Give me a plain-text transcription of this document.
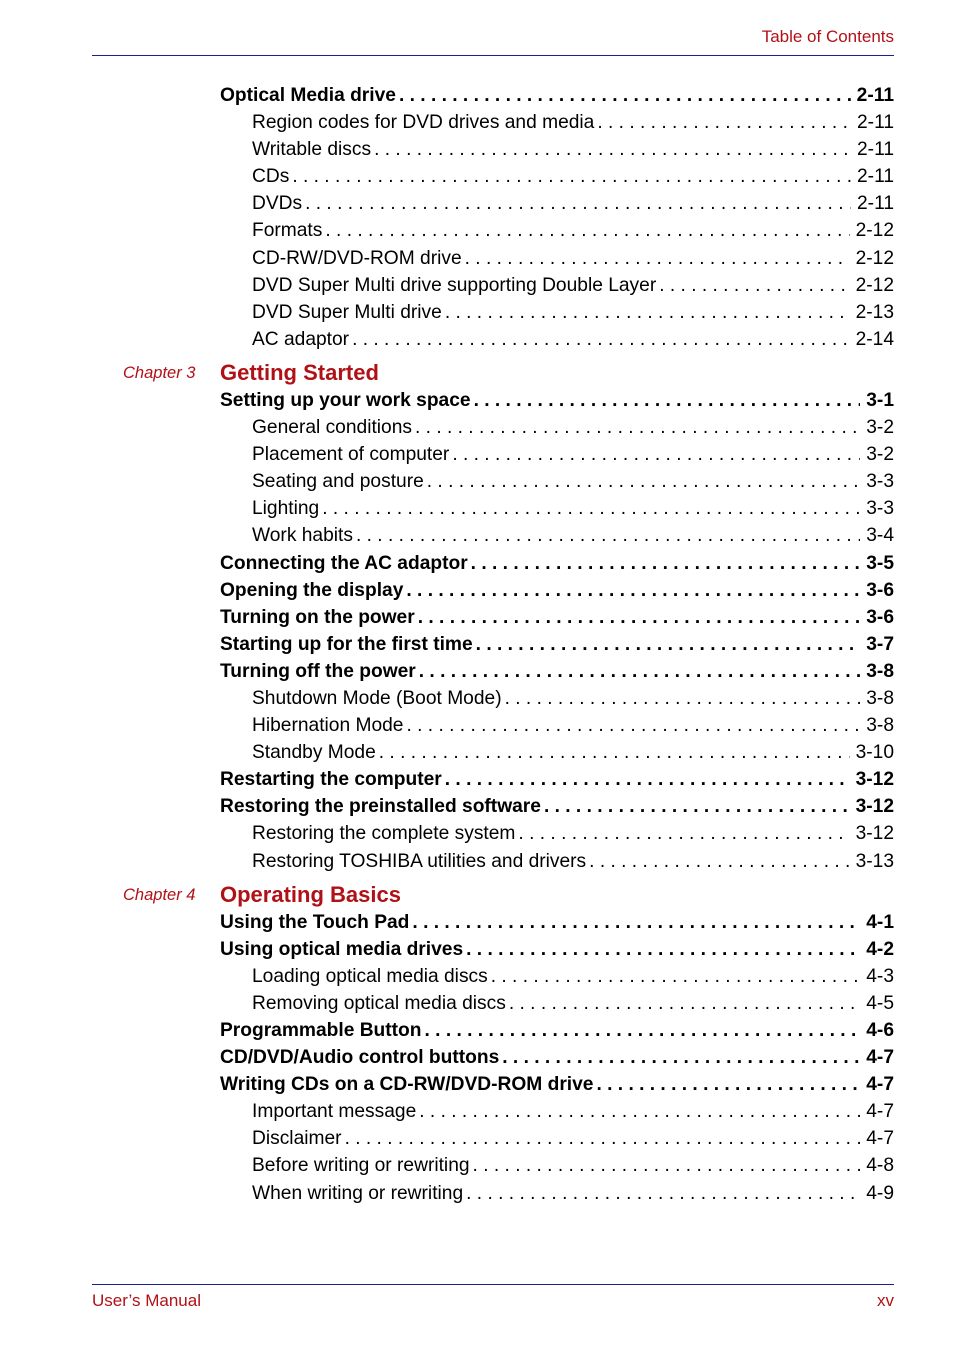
Table of Contents
Optical Media drive . . .	2-11
Region codes for DVD drives and media . . .	2-11
Writable discs . . .	2-11
CDs . . .	2-11
DVDs . . .	2-11
Formats . . .	2-12
CD-RW/DVD-ROM drive . . .	2-12
DVD Super Multi drive supporting Double Layer . . .	2-12
DVD Super Multi drive . . .	2-13
AC adaptor . . .	2-14
Chapter 3 Getting Started
Setting up your work space . . .	3-1
General conditions . . .	3-2
Placement of computer . . .	3-2
Seating and posture . . .	3-3
Lighting . . .	3-3
Work habits . . .	3-4
Connecting the AC adaptor . . .	3-5
Opening the display . . .	3-6
Turning on the power . . .	3-6
Starting up for the first time . . .	3-7
Turning off the power . . .	3-8
Shutdown Mode (Boot Mode) . . .	3-8
Hibernation Mode . . .	3-8
Standby Mode . . .	3-10
Restarting the computer . . .	3-12
Restoring the preinstalled software . . .	3-12
Restoring the complete system . . .	3-12
Restoring TOSHIBA utilities and drivers . . .	3-13
Chapter 4 Operating Basics
Using the Touch Pad . . .	4-1
Using optical media drives . . .	4-2
Loading optical media discs . . .	4-3
Removing optical media discs . . .	4-5
Programmable Button . . .	4-6
CD/DVD/Audio control buttons . . .	4-7
Writing CDs on a CD-RW/DVD-ROM drive . . .	4-7
Important message . . .	4-7
Disclaimer . . .	4-7
Before writing or rewriting . . .	4-8
When writing or rewriting . . .	4-9
User’s Manual	xv
